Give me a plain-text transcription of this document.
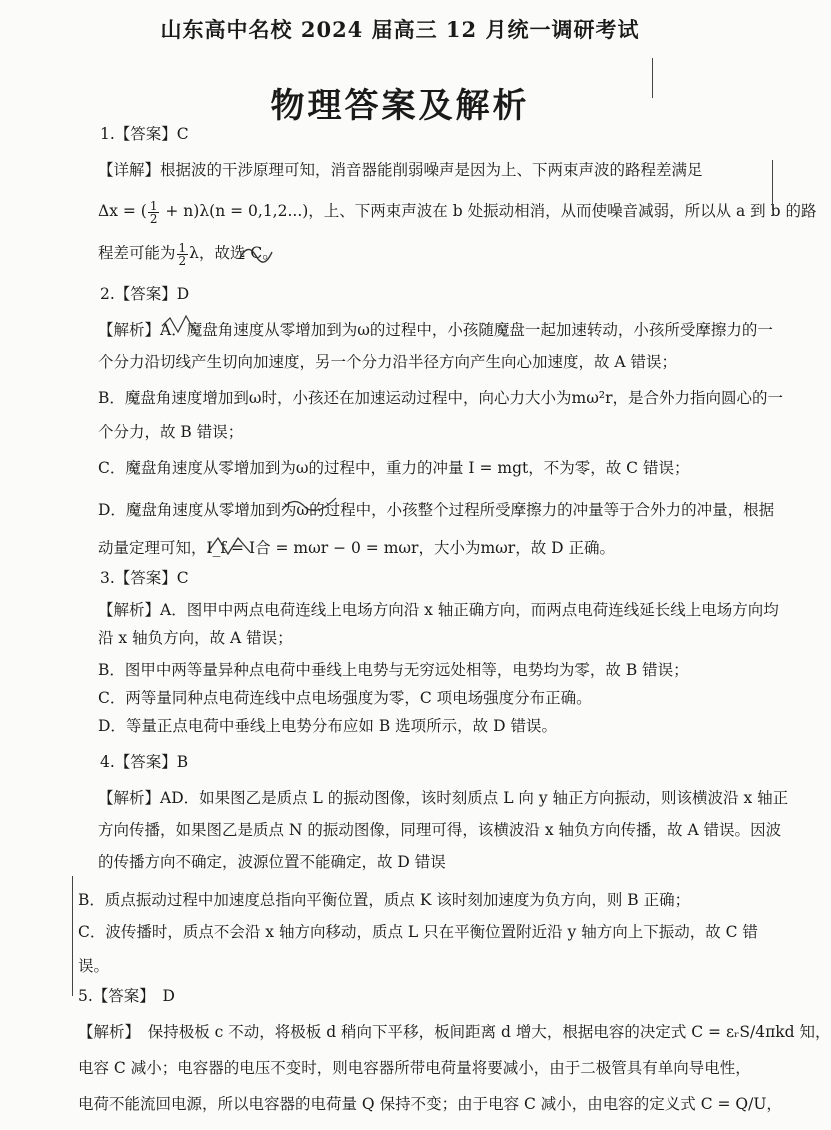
山东高中名校 2024 届高三 12 月统一调研考试
物理答案及解析
1.【答案】C
【详解】根据波的干涉原理可知，消音器能削弱噪声是因为上、下两束声波的路程差满足
Δx = ( $\frac{1}{2} + n)\lambda(n = 0,1,2...)$，上、下两束声波在 b 处振动相消，从而使噪音减弱，所以从 a 到 b 的路
程差可能为 $\frac{1}{2}$ λ，故选 C。
2.【答案】D
【解析】A．魔盘角速度从零增加到为ω的过程中，小孩随魔盘一起加速转动，小孩所受摩擦力的一
个分力沿切线产生切向加速度，另一个分力沿半径方向产生向心加速度，故 A 错误；
B．魔盘角速度增加到ω时，小孩还在加速运动过程中，向心力大小为mω²r，是合外力指向圆心的一
个分力，故 B 错误；
C．魔盘角速度从零增加到为ω的过程中，重力的冲量 I = mgt，不为零，故 C 错误；
D．魔盘角速度从零增加到为ω的过程中，小孩整个过程所受摩擦力的冲量等于合外力的冲量，根据
动量定理可知，I_f = I合 = mωr − 0 = mωr，大小为mωr，故 D 正确。
3.【答案】C
【解析】A．图甲中两点电荷连线上电场方向沿 x 轴正确方向，而两点电荷连线延长线上电场方向均
沿 x 轴负方向，故 A 错误；
B．图甲中两等量异种点电荷中垂线上电势与无穷远处相等，电势均为零，故 B 错误；
C．两等量同种点电荷连线中点电场强度为零，C 项电场强度分布正确。
D．等量正点电荷中垂线上电势分布应如 B 选项所示，故 D 错误。
4.【答案】B
【解析】AD．如果图乙是质点 L 的振动图像，该时刻质点 L 向 y 轴正方向振动，则该横波沿 x 轴正
方向传播，如果图乙是质点 N 的振动图像，同理可得，该横波沿 x 轴负方向传播，故 A 错误。因波
的传播方向不确定，波源位置不能确定，故 D 错误
B．质点振动过程中加速度总指向平衡位置，质点 K 该时刻加速度为负方向，则 B 正确；
C．波传播时，质点不会沿 x 轴方向移动，质点 L 只在平衡位置附近沿 y 轴方向上下振动，故 C 错
误。
5.【答案】　D
【解析】　保持极板 c 不动，将极板 d 稍向下平移，板间距离 d 增大，根据电容的决定式 C = εᵣS/4πkd 知，
电容 C 减小；电容器的电压不变时，则电容器所带电荷量将要减小，由于二极管具有单向导电性，
电荷不能流回电源，所以电容器的电荷量 Q 保持不变；由于电容 C 减小，由电容的定义式 C = Q/U，
